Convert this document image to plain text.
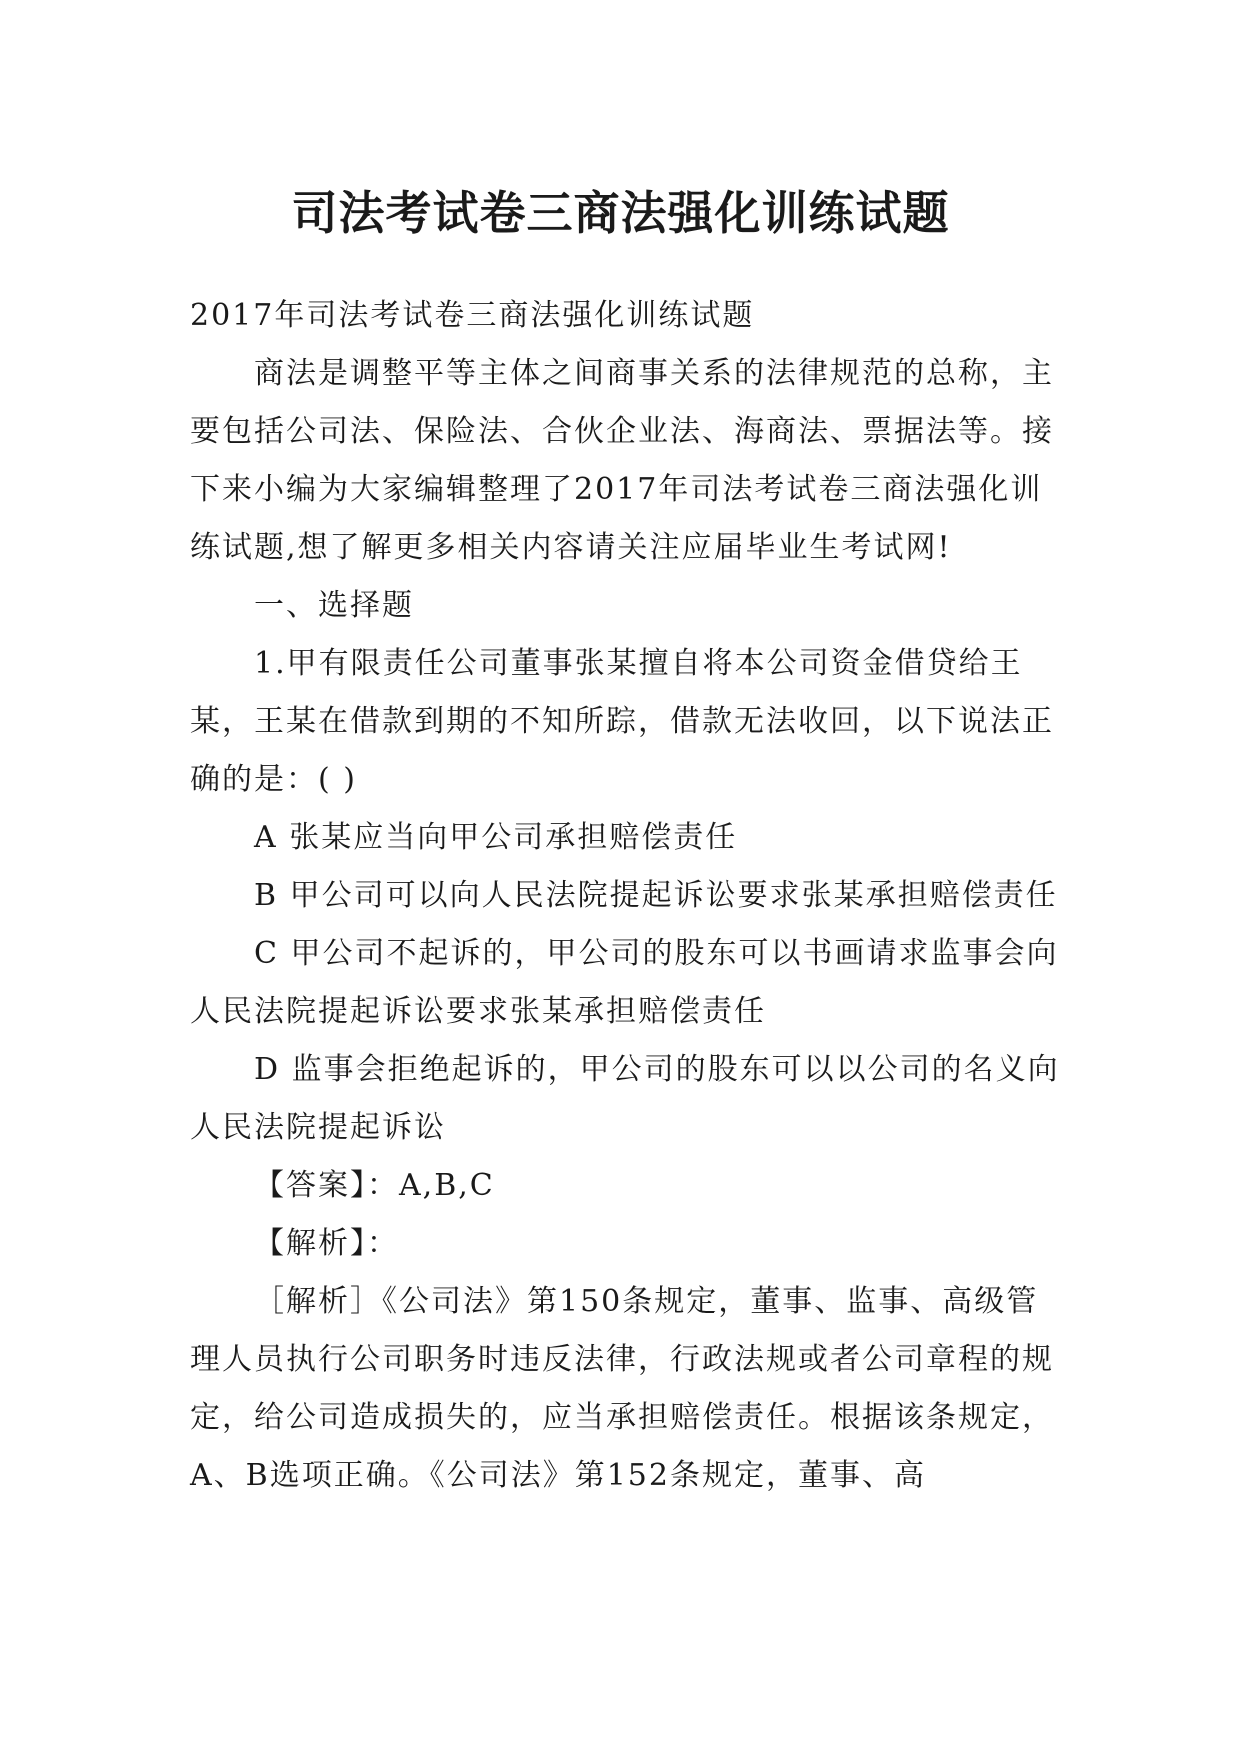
司法考试卷三商法强化训练试题

2017年司法考试卷三商法强化训练试题

商法是调整平等主体之间商事关系的法律规范的总称，主要包括公司法、保险法、合伙企业法、海商法、票据法等。接下来小编为大家编辑整理了2017年司法考试卷三商法强化训练试题,想了解更多相关内容请关注应届毕业生考试网!

一、选择题

1.甲有限责任公司董事张某擅自将本公司资金借贷给王某，王某在借款到期的不知所踪，借款无法收回，以下说法正确的是：( )

A 张某应当向甲公司承担赔偿责任

B 甲公司可以向人民法院提起诉讼要求张某承担赔偿责任

C 甲公司不起诉的，甲公司的股东可以书画请求监事会向人民法院提起诉讼要求张某承担赔偿责任

D 监事会拒绝起诉的，甲公司的股东可以以公司的名义向人民法院提起诉讼

【答案】：A,B,C

【解析】：

［解析］《公司法》第150条规定，董事、监事、高级管理人员执行公司职务时违反法律，行政法规或者公司章程的规定，给公司造成损失的，应当承担赔偿责任。根据该条规定，A、B选项正确。《公司法》第152条规定，董事、高
